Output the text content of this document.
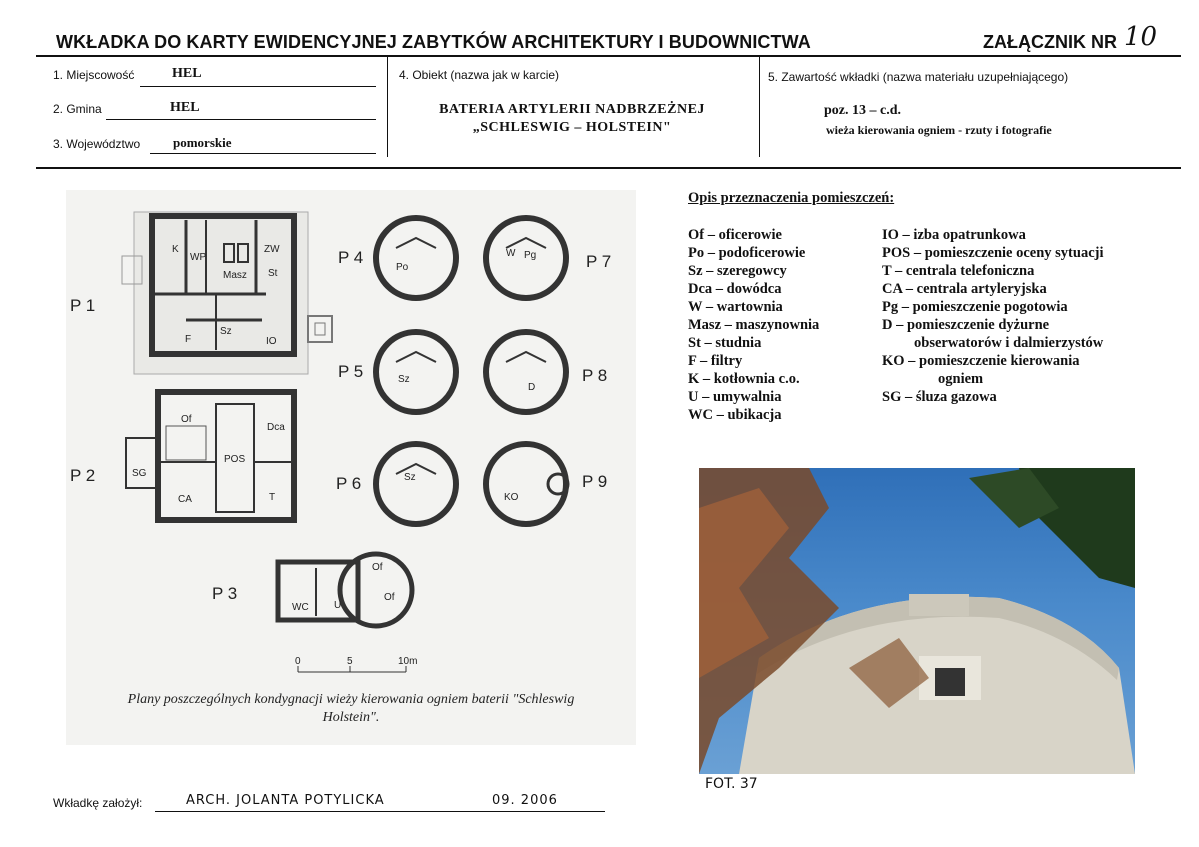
WKŁADKA DO KARTY EWIDENCYJNEJ ZABYTKÓW ARCHITEKTURY I BUDOWNICTWA	ZAŁĄCZNIK NR 10
1. Miejscowość	HEL
2. Gmina	HEL
3. Województwo	pomorskie
4. Obiekt (nazwa jak w karcie)
BATERIA ARTYLERII NADBRZEŻNEJ
„SCHLESWIG – HOLSTEIN"
5. Zawartość wkładki (nazwa materiału uzupełniającego)
poz. 13 – c.d.
wieża kierowania ogniem - rzuty i fotografie
K
WP
Masz
ZW
St
F
Sz
IO
Of
Dca
POS
SG
CA	T
Of
Of
WC	U
Po
Sz
Sz
W Pg
D
KO
0	5	10m
P 1
P 2
P 3
P 4
P 5
P 6
P 7
P 8
P 9
Plany poszczególnych kondygnacji wieży kierowania ogniem baterii "Schleswig
Holstein".
Opis przeznaczenia pomieszczeń:
Of – oficerowie
Po – podoficerowie
Sz – szeregowcy
Dca – dowódca
W – wartownia
Masz – maszynownia
St – studnia
F – filtry
K – kotłownia c.o.
U – umywalnia
WC – ubikacja
IO – izba opatrunkowa
POS – pomieszczenie oceny sytuacji
T – centrala telefoniczna
CA – centrala artyleryjska
Pg – pomieszczenie pogotowia
D – pomieszczenie dyżurne
obserwatorów i dalmierzystów
KO – pomieszczenie kierowania
ogniem
SG – śluza gazowa
FOT. 37
Wkładkę założył:	ARCH. JOLANTA POTYLICKA	09. 2006
